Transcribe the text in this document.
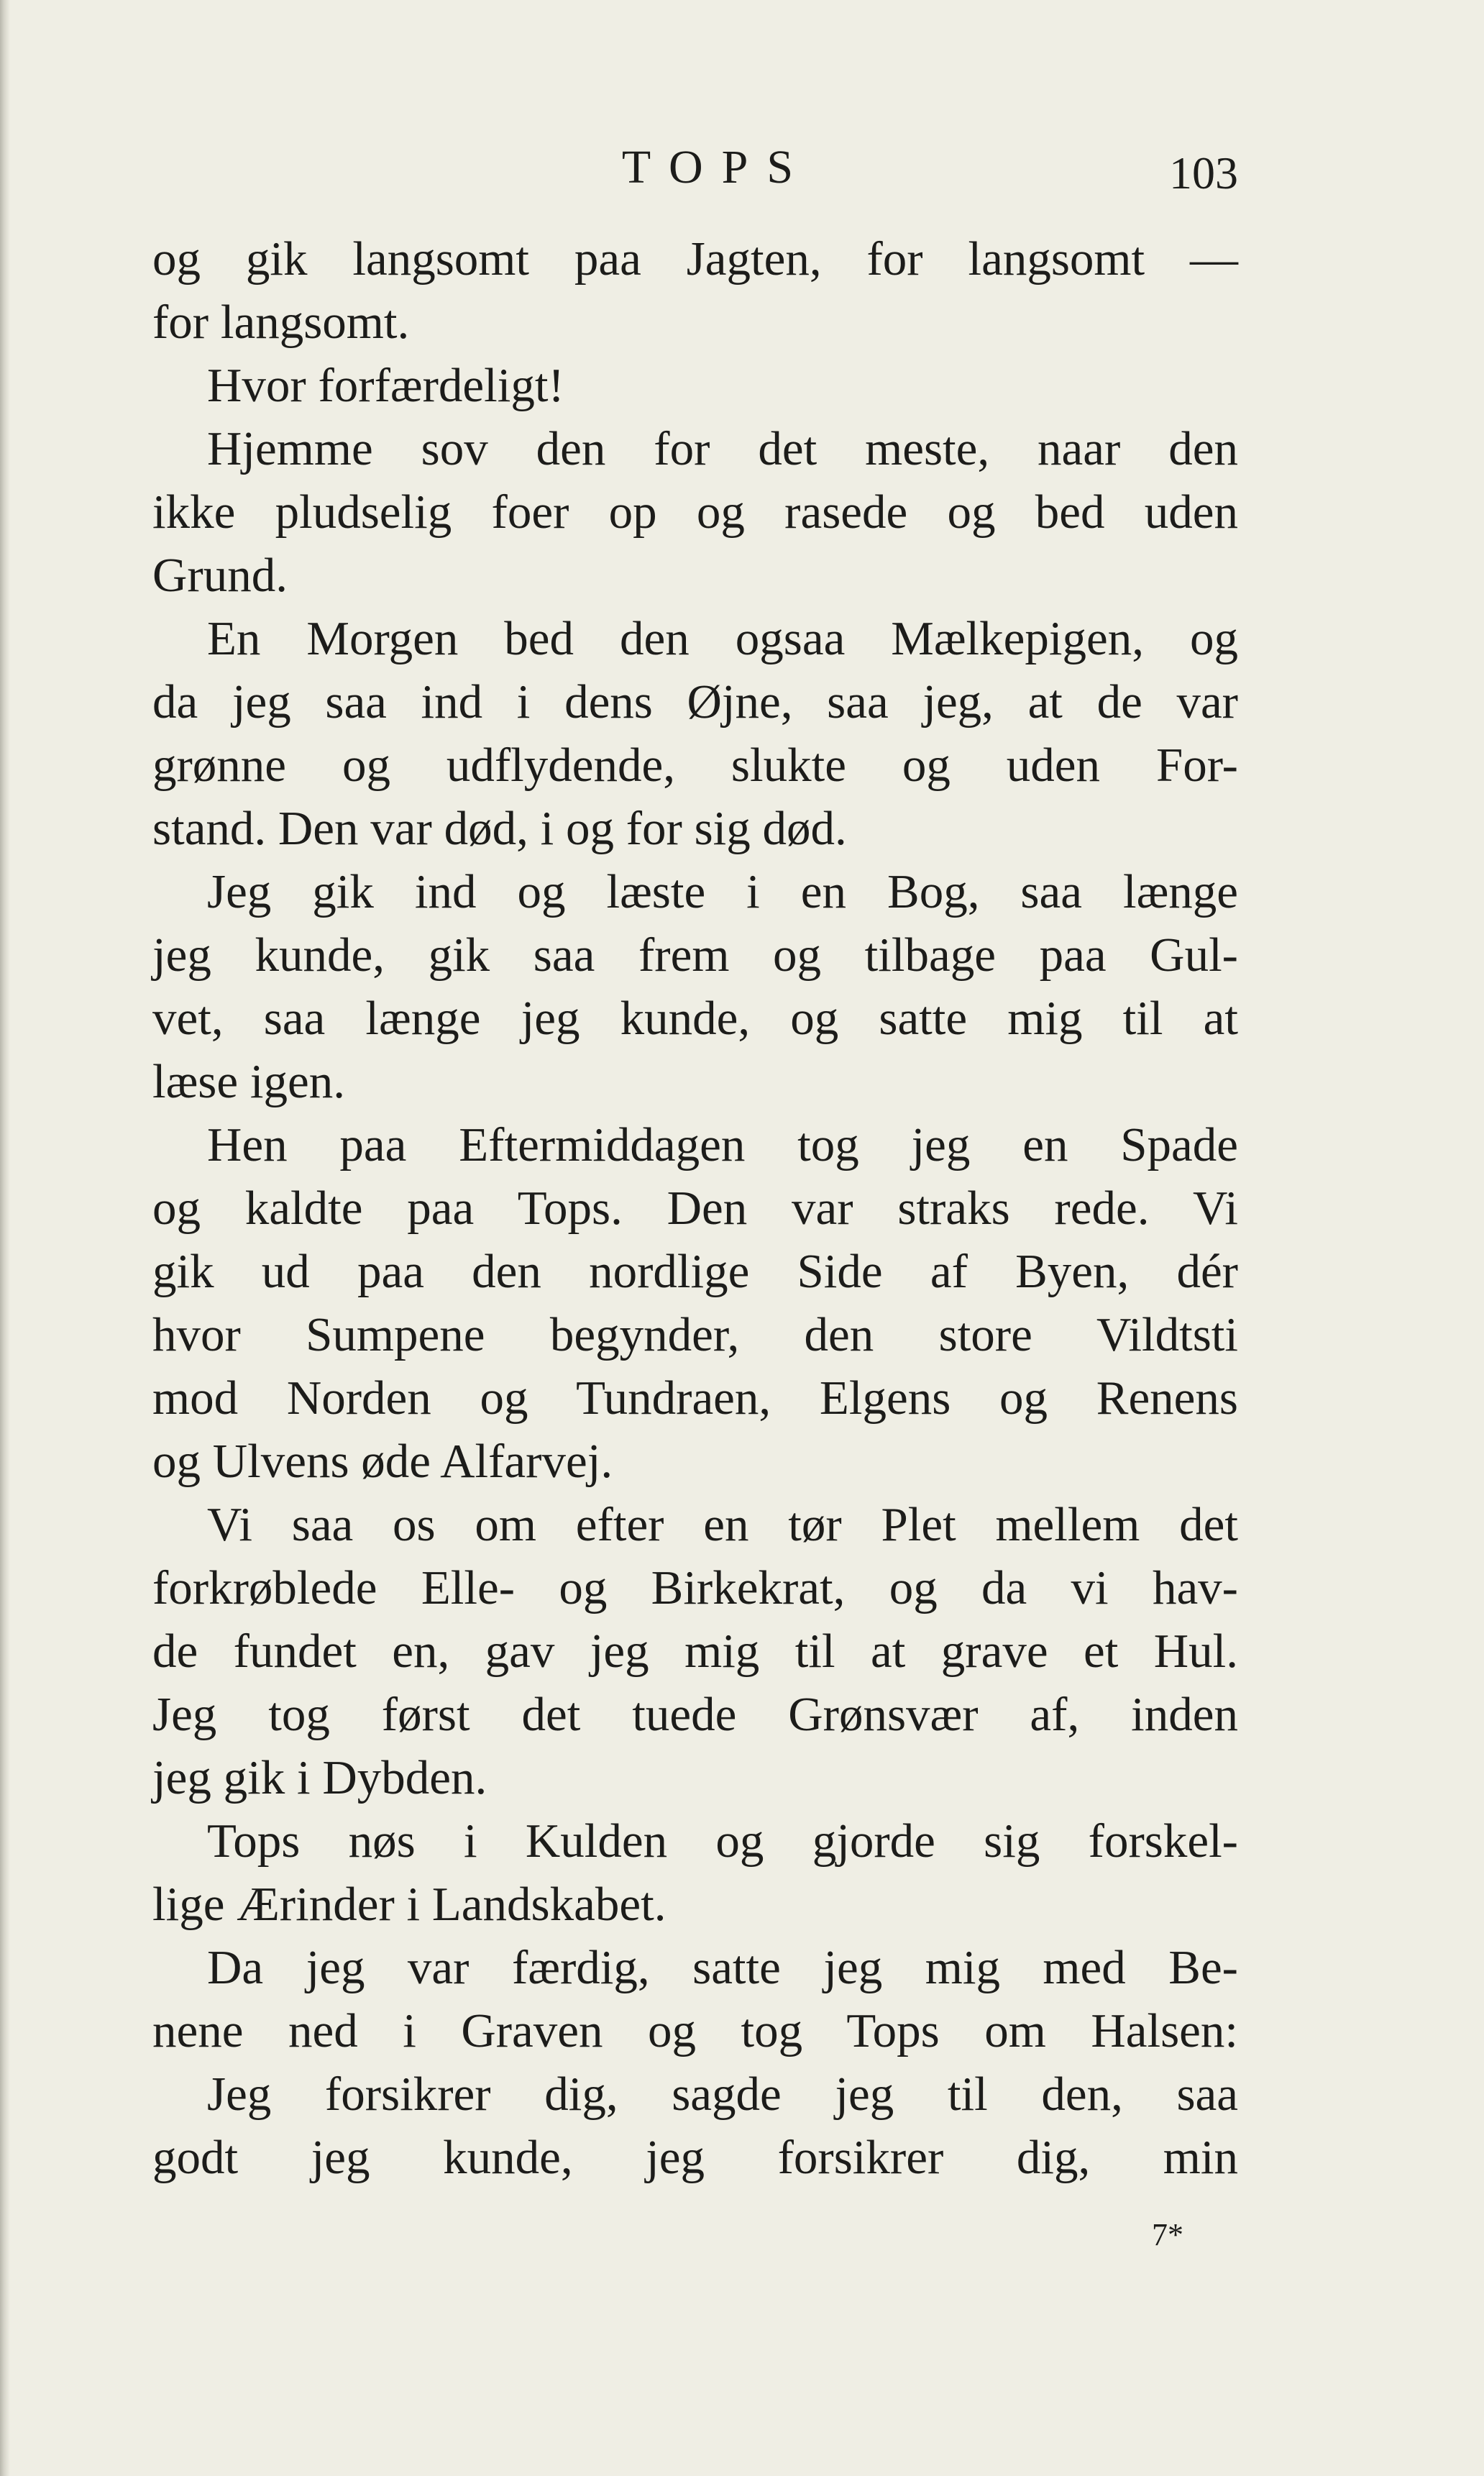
TOPS	103
og gik langsomt paa Jagten, for langsomt —
for langsomt.
Hvor forfærdeligt!
Hjemme sov den for det meste, naar den
ikke pludselig foer op og rasede og bed uden
Grund.
En Morgen bed den ogsaa Mælkepigen, og
da jeg saa ind i dens Øjne, saa jeg, at de var
grønne og udflydende, slukte og uden For-
stand. Den var død, i og for sig død.
Jeg gik ind og læste i en Bog, saa længe
jeg kunde, gik saa frem og tilbage paa Gul-
vet, saa længe jeg kunde, og satte mig til at
læse igen.
Hen paa Eftermiddagen tog jeg en Spade
og kaldte paa Tops. Den var straks rede. Vi
gik ud paa den nordlige Side af Byen, dér
hvor Sumpene begynder, den store Vildtsti
mod Norden og Tundraen, Elgens og Renens
og Ulvens øde Alfarvej.
Vi saa os om efter en tør Plet mellem det
forkrøblede Elle- og Birkekrat, og da vi hav-
de fundet en, gav jeg mig til at grave et Hul.
Jeg tog først det tuede Grønsvær af, inden
jeg gik i Dybden.
Tops nøs i Kulden og gjorde sig forskel-
lige Ærinder i Landskabet.
Da jeg var færdig, satte jeg mig med Be-
nene ned i Graven og tog Tops om Halsen:
Jeg forsikrer dig, sagde jeg til den, saa
godt jeg kunde, jeg forsikrer dig, min
7*
